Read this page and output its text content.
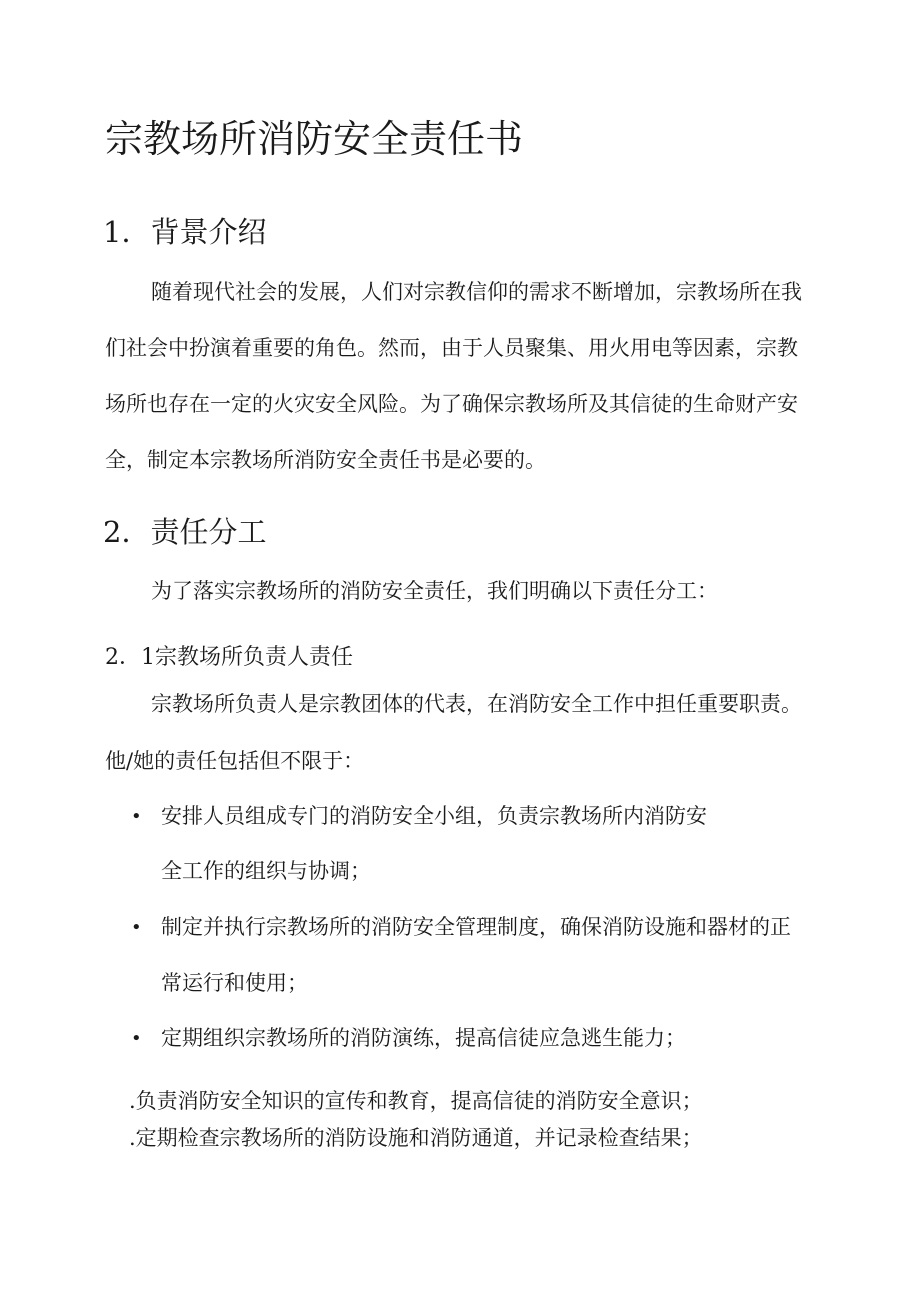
宗教场所消防安全责任书
1．背景介绍

随着现代社会的发展，人们对宗教信仰的需求不断增加，宗教场所在我

们社会中扮演着重要的角色。然而，由于人员聚集、用火用电等因素，宗教

场所也存在一定的火灾安全风险。为了确保宗教场所及其信徒的生命财产安

全，制定本宗教场所消防安全责任书是必要的。

2．责任分工

为了落实宗教场所的消防安全责任，我们明确以下责任分工：

2．1宗教场所负责人责任

宗教场所负责人是宗教团体的代表，在消防安全工作中担任重要职责。

他/她的责任包括但不限于：

• 安排人员组成专门的消防安全小组，负责宗教场所内消防安

全工作的组织与协调；

• 制定并执行宗教场所的消防安全管理制度，确保消防设施和器材的正

常运行和使用；

• 定期组织宗教场所的消防演练，提高信徒应急逃生能力；

.负责消防安全知识的宣传和教育，提高信徒的消防安全意识；

.定期检查宗教场所的消防设施和消防通道，并记录检查结果；
